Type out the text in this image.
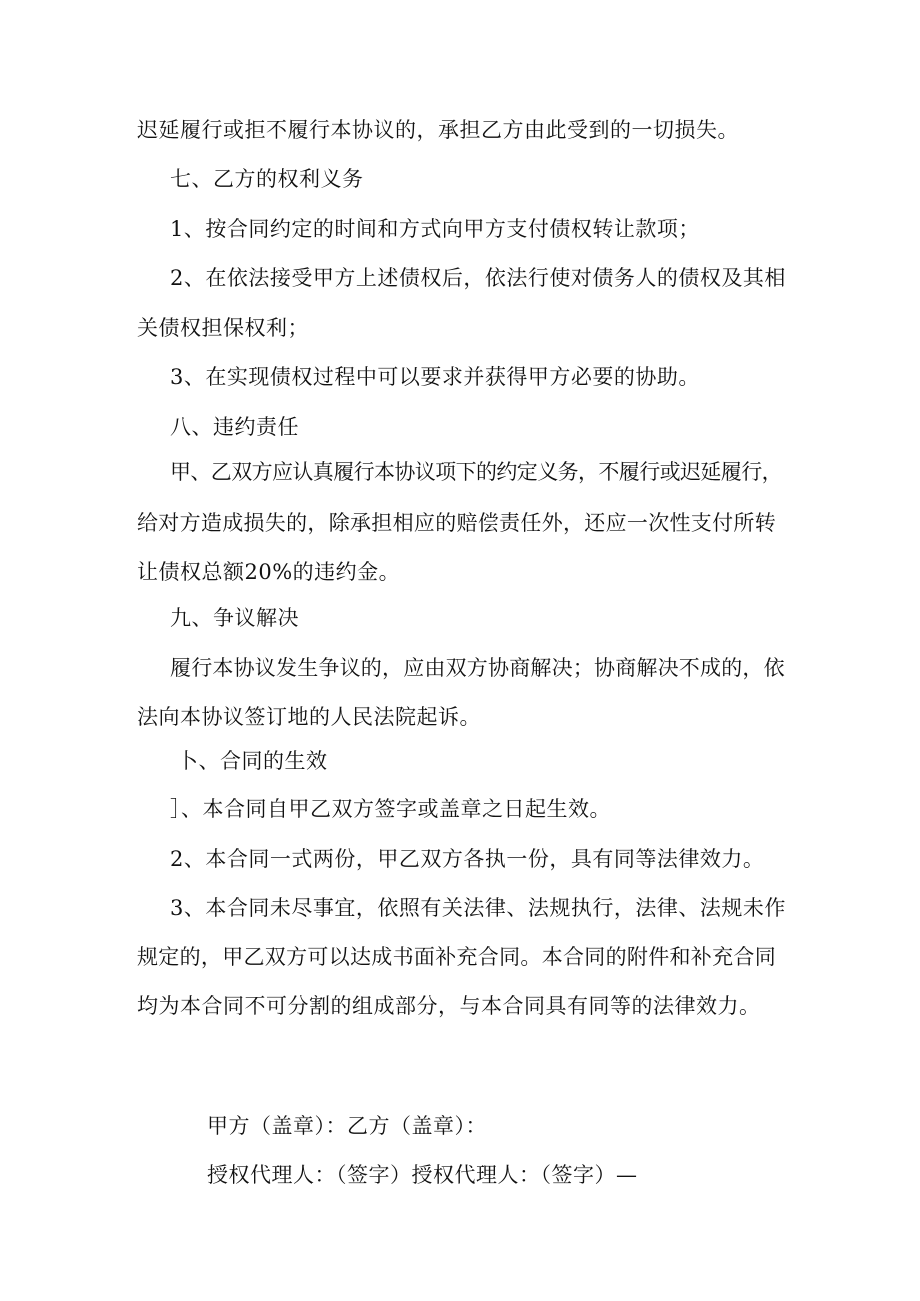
迟延履行或拒不履行本协议的，承担乙方由此受到的一切损失。
七、乙方的权利义务
1、按合同约定的时间和方式向甲方支付债权转让款项；
2、在依法接受甲方上述债权后，依法行使对债务人的债权及其相
关债权担保权利；
3、在实现债权过程中可以要求并获得甲方必要的协助。
八、违约责任
甲、乙双方应认真履行本协议项下的约定义务，不履行或迟延履行，
给对方造成损失的，除承担相应的赔偿责任外，还应一次性支付所转
让债权总额20%的违约金。
九、争议解决
履行本协议发生争议的，应由双方协商解决；协商解决不成的，依
法向本协议签订地的人民法院起诉。
卜、合同的生效
］、本合同自甲乙双方签字或盖章之日起生效。
2、本合同一式两份，甲乙双方各执一份，具有同等法律效力。
3、本合同未尽事宜，依照有关法律、法规执行，法律、法规未作
规定的，甲乙双方可以达成书面补充合同。本合同的附件和补充合同
均为本合同不可分割的组成部分，与本合同具有同等的法律效力。
甲方（盖章）：乙方（盖章）：
授权代理人：（签字）授权代理人：（签字）—
